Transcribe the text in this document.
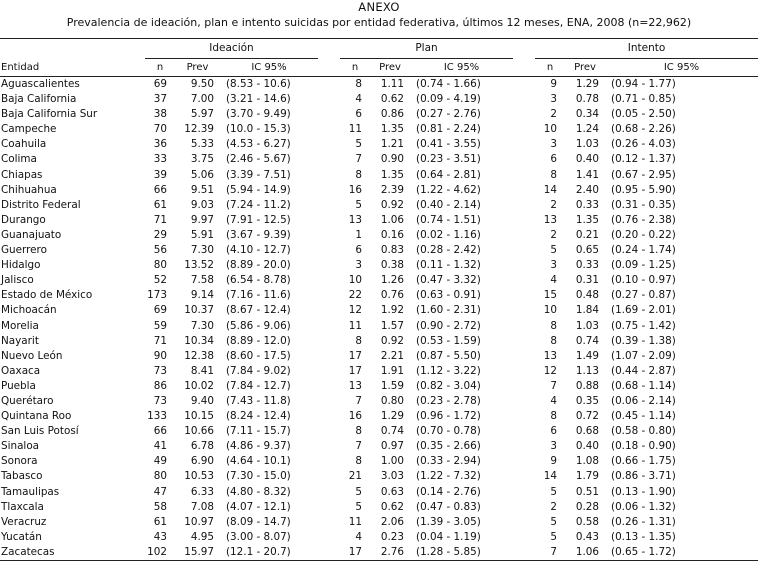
ANEXO
Prevalencia de ideación, plan e intento suicidas por entidad federativa, últimos 12 meses, ENA, 2008 (n=22,962)
	Ideación				Plan				Intento		
Entidad	n	Prev	IC 95%		n	Prev	IC 95%		n	Prev	IC 95%
Aguascalientes	69	9.50	(8.53 - 10.6)		8	1.11	(0.74 - 1.66)		9	1.29	(0.94 - 1.77)
Baja California	37	7.00	(3.21 - 14.6)		4	0.62	(0.09 - 4.19)		3	0.78	(0.71 - 0.85)
Baja California Sur	38	5.97	(3.70 - 9.49)		6	0.86	(0.27 - 2.76)		2	0.34	(0.05 - 2.50)
Campeche	70	12.39	(10.0 - 15.3)		11	1.35	(0.81 - 2.24)		10	1.24	(0.68 - 2.26)
Coahuila	36	5.33	(4.53 - 6.27)		5	1.21	(0.41 - 3.55)		3	1.03	(0.26 - 4.03)
Colima	33	3.75	(2.46 - 5.67)		7	0.90	(0.23 - 3.51)		6	0.40	(0.12 - 1.37)
Chiapas	39	5.06	(3.39 - 7.51)		8	1.35	(0.64 - 2.81)		8	1.41	(0.67 - 2.95)
Chihuahua	66	9.51	(5.94 - 14.9)		16	2.39	(1.22 - 4.62)		14	2.40	(0.95 - 5.90)
Distrito Federal	61	9.03	(7.24 - 11.2)		5	0.92	(0.40 - 2.14)		2	0.33	(0.31 - 0.35)
Durango	71	9.97	(7.91 - 12.5)		13	1.06	(0.74 - 1.51)		13	1.35	(0.76 - 2.38)
Guanajuato	29	5.91	(3.67 - 9.39)		1	0.16	(0.02 - 1.16)		2	0.21	(0.20 - 0.22)
Guerrero	56	7.30	(4.10 - 12.7)		6	0.83	(0.28 - 2.42)		5	0.65	(0.24 - 1.74)
Hidalgo	80	13.52	(8.89 - 20.0)		3	0.38	(0.11 - 1.32)		3	0.33	(0.09 - 1.25)
Jalisco	52	7.58	(6.54 - 8.78)		10	1.26	(0.47 - 3.32)		4	0.31	(0.10 - 0.97)
Estado de México	173	9.14	(7.16 - 11.6)		22	0.76	(0.63 - 0.91)		15	0.48	(0.27 - 0.87)
Michoacán	69	10.37	(8.67 - 12.4)		12	1.92	(1.60 - 2.31)		10	1.84	(1.69 - 2.01)
Morelia	59	7.30	(5.86 - 9.06)		11	1.57	(0.90 - 2.72)		8	1.03	(0.75 - 1.42)
Nayarit	71	10.34	(8.89 - 12.0)		8	0.92	(0.53 - 1.59)		8	0.74	(0.39 - 1.38)
Nuevo León	90	12.38	(8.60 - 17.5)		17	2.21	(0.87 - 5.50)		13	1.49	(1.07 - 2.09)
Oaxaca	73	8.41	(7.84 - 9.02)		17	1.91	(1.12 - 3.22)		12	1.13	(0.44 - 2.87)
Puebla	86	10.02	(7.84 - 12.7)		13	1.59	(0.82 - 3.04)		7	0.88	(0.68 - 1.14)
Querétaro	73	9.40	(7.43 - 11.8)		7	0.80	(0.23 - 2.78)		4	0.35	(0.06 - 2.14)
Quintana Roo	133	10.15	(8.24 - 12.4)		16	1.29	(0.96 - 1.72)		8	0.72	(0.45 - 1.14)
San Luis Potosí	66	10.66	(7.11 - 15.7)		8	0.74	(0.70 - 0.78)		6	0.68	(0.58 - 0.80)
Sinaloa	41	6.78	(4.86 - 9.37)		7	0.97	(0.35 - 2.66)		3	0.40	(0.18 - 0.90)
Sonora	49	6.90	(4.64 - 10.1)		8	1.00	(0.33 - 2.94)		9	1.08	(0.66 - 1.75)
Tabasco	80	10.53	(7.30 - 15.0)		21	3.03	(1.22 - 7.32)		14	1.79	(0.86 - 3.71)
Tamaulipas	47	6.33	(4.80 - 8.32)		5	0.63	(0.14 - 2.76)		5	0.51	(0.13 - 1.90)
Tlaxcala	58	7.08	(4.07 - 12.1)		5	0.62	(0.47 - 0.83)		2	0.28	(0.06 - 1.32)
Veracruz	61	10.97	(8.09 - 14.7)		11	2.06	(1.39 - 3.05)		5	0.58	(0.26 - 1.31)
Yucatán	43	4.95	(3.00 - 8.07)		4	0.23	(0.04 - 1.19)		5	0.43	(0.13 - 1.35)
Zacatecas	102	15.97	(12.1 - 20.7)		17	2.76	(1.28 - 5.85)		7	1.06	(0.65 - 1.72)
